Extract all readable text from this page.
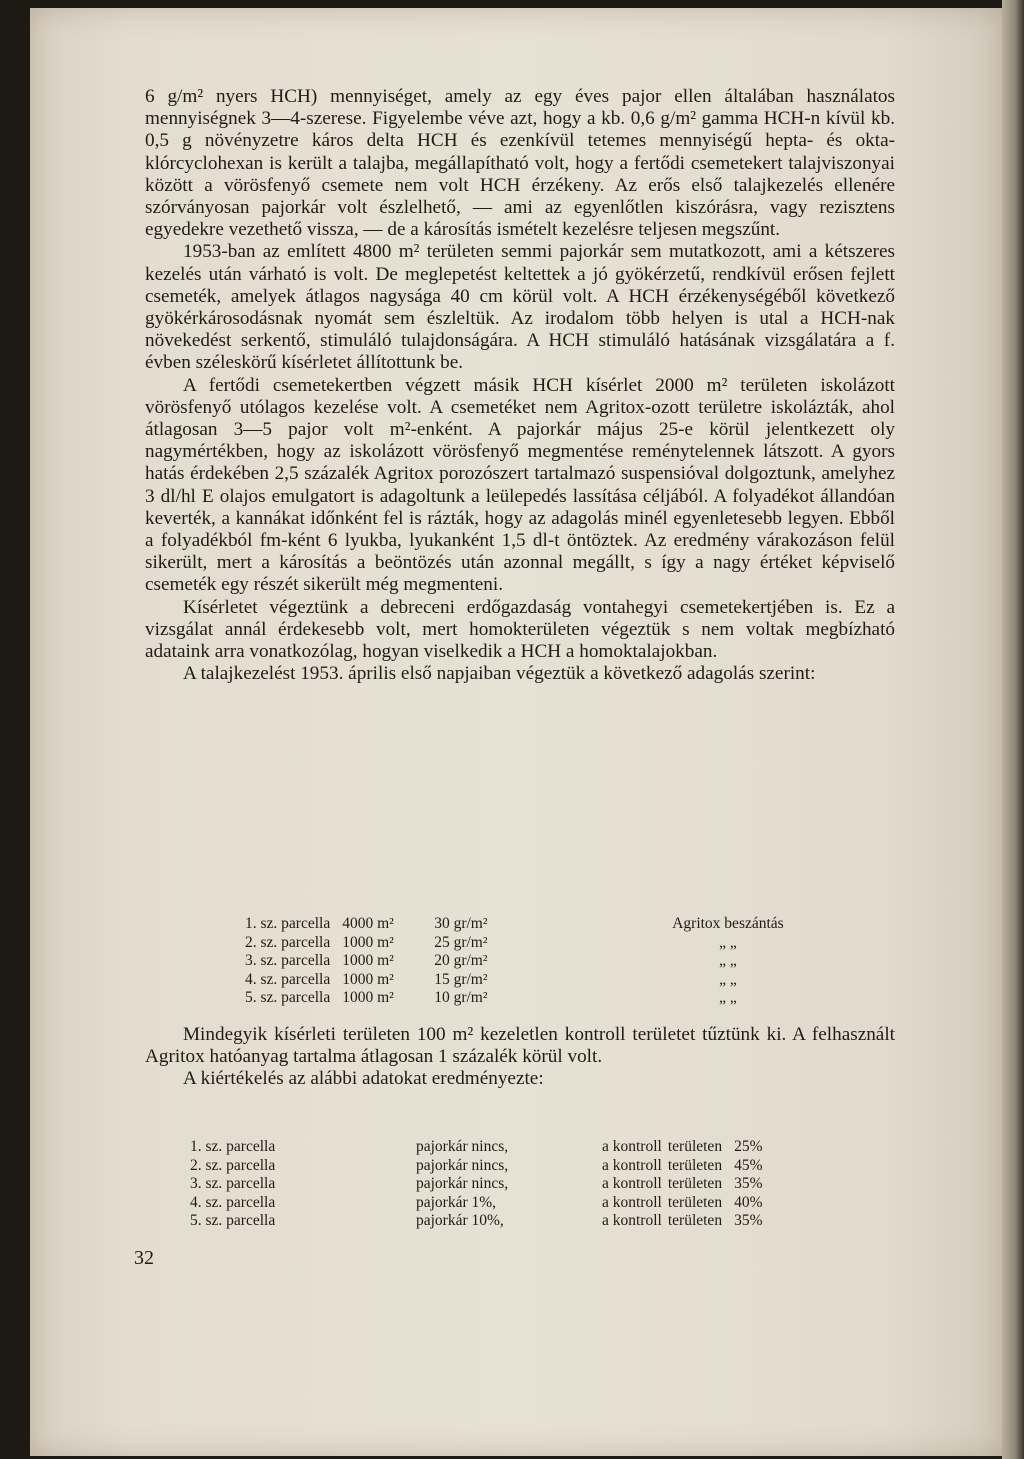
6 g/m² nyers HCH) mennyiséget, amely az egy éves pajor ellen általában használatos mennyiségnek 3—4-szerese. Figyelembe véve azt, hogy a kb. 0,6 g/m² gamma HCH-n kívül kb. 0,5 g növényzetre káros delta HCH és ezenkívül tetemes mennyiségű hepta- és okta-klórcyclohexan is került a talajba, megállapítható volt, hogy a fertődi csemetekert talajviszonyai között a vörösfenyő csemete nem volt HCH érzékeny. Az erős első talajkezelés ellenére szórványosan pajorkár volt észlelhető, — ami az egyenlőtlen kiszórásra, vagy rezisztens egyedekre vezethető vissza, — de a károsítás ismételt kezelésre teljesen megszűnt.

1953-ban az említett 4800 m² területen semmi pajorkár sem mutatkozott, ami a kétszeres kezelés után várható is volt. De meglepetést keltettek a jó gyökérzetű, rendkívül erősen fejlett csemeték, amelyek átlagos nagysága 40 cm körül volt. A HCH érzékenységéből következő gyökérkárosodásnak nyomát sem észleltük. Az irodalom több helyen is utal a HCH-nak növekedést serkentő, stimuláló tulajdonságára. A HCH stimuláló hatásának vizsgálatára a f. évben széleskörű kísérletet állítottunk be.

A fertődi csemetekertben végzett másik HCH kísérlet 2000 m² területen iskolázott vörösfenyő utólagos kezelése volt. A csemetéket nem Agritox-ozott területre iskolázták, ahol átlagosan 3—5 pajor volt m²-enként. A pajorkár május 25-e körül jelentkezett oly nagymértékben, hogy az iskolázott vörösfenyő megmentése reménytelennek látszott. A gyors hatás érdekében 2,5 százalék Agritox porozószert tartalmazó suspensióval dolgoztunk, amelyhez 3 dl/hl E olajos emulgatort is adagoltunk a leülepedés lassítása céljából. A folyadékot állandóan keverték, a kannákat időnként fel is rázták, hogy az adagolás minél egyenletesebb legyen. Ebből a folyadékból fm-ként 6 lyukba, lyukanként 1,5 dl-t öntöztek. Az eredmény várakozáson felül sikerült, mert a károsítás a beöntözés után azonnal megállt, s így a nagy értéket képviselő csemeték egy részét sikerült még megmenteni.

Kísérletet végeztünk a debreceni erdőgazdaság vontahegyi csemetekertjében is. Ez a vizsgálat annál érdekesebb volt, mert homokterületen végeztük s nem voltak megbízható adataink arra vonatkozólag, hogyan viselkedik a HCH a homoktalajokban.

A talajkezelést 1953. április első napjaiban végeztük a következő adagolás szerint:

1. sz. parcella	4000 m²	30 gr/m²	Agritox beszántás
2. sz. parcella	1000 m²	25 gr/m²	„ „
3. sz. parcella	1000 m²	20 gr/m²	„ „
4. sz. parcella	1000 m²	15 gr/m²	„ „
5. sz. parcella	1000 m²	10 gr/m²	„ „

Mindegyik kísérleti területen 100 m² kezeletlen kontroll területet tűztünk ki. A felhasznált Agritox hatóanyag tartalma átlagosan 1 százalék körül volt.

A kiértékelés az alábbi adatokat eredményezte:

1. sz. parcella	pajorkár nincs,	a kontroll	területen	25%
2. sz. parcella	pajorkár nincs,	a kontroll	területen	45%
3. sz. parcella	pajorkár nincs,	a kontroll	területen	35%
4. sz. parcella	pajorkár 1%,	a kontroll	területen	40%
5. sz. parcella	pajorkár 10%,	a kontroll	területen	35%
32
